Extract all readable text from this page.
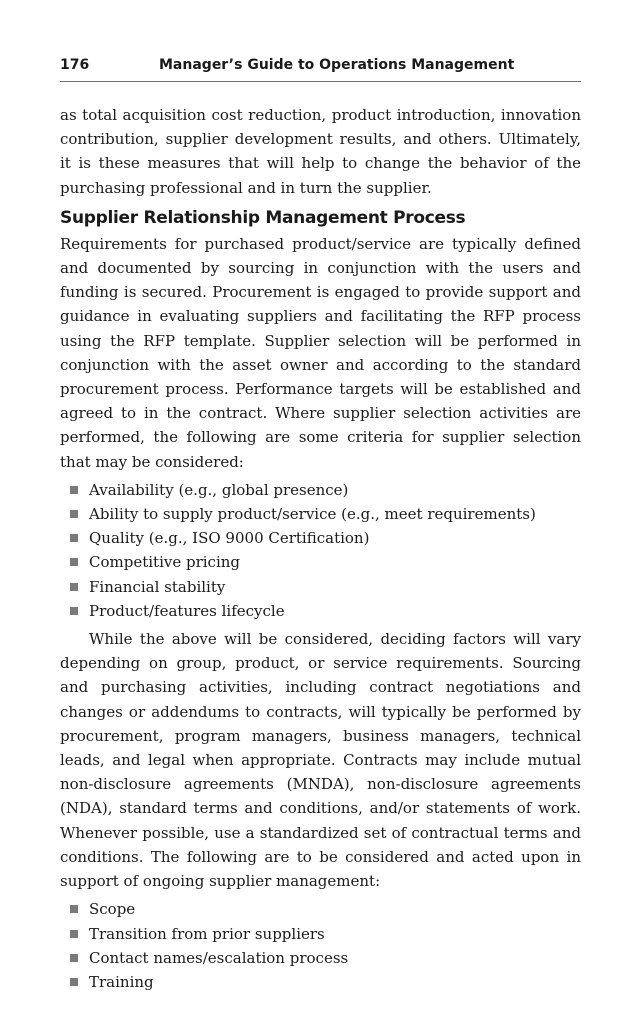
176	Manager’s Guide to Operations Management

as total acquisition cost reduction, product introduction, innovation contribution, supplier development results, and others. Ultimately, it is these measures that will help to change the behavior of the purchasing professional and in turn the supplier.

Supplier Relationship Management Process

Requirements for purchased product/service are typically defined and documented by sourcing in conjunction with the users and funding is secured. Procurement is engaged to provide support and guidance in evaluating suppliers and facilitating the RFP process using the RFP template. Supplier selection will be performed in conjunction with the asset owner and according to the standard procurement process. Performance targets will be established and agreed to in the contract. Where supplier selection activities are performed, the following are some criteria for supplier selection that may be considered:

Availability (e.g., global presence)
Ability to supply product/service (e.g., meet requirements)
Quality (e.g., ISO 9000 Certification)
Competitive pricing
Financial stability
Product/features lifecycle

While the above will be considered, deciding factors will vary depending on group, product, or service requirements. Sourcing and purchasing activities, including contract negotiations and changes or addendums to contracts, will typically be performed by procurement, program managers, business managers, technical leads, and legal when appropriate. Contracts may include mutual non-disclosure agreements (MNDA), non-disclosure agreements (NDA), standard terms and conditions, and/or statements of work. Whenever possible, use a standardized set of contractual terms and conditions. The following are to be considered and acted upon in support of ongoing supplier management:

Scope
Transition from prior suppliers
Contact names/escalation process
Training
